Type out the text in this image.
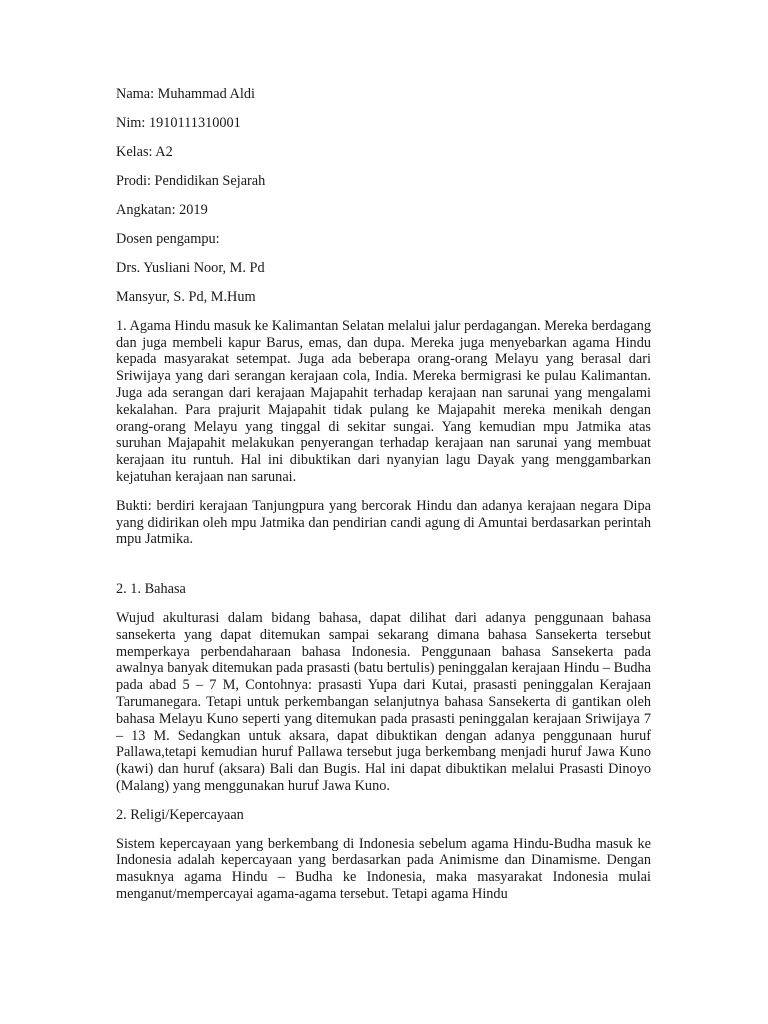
Nama: Muhammad Aldi

Nim: 1910111310001

Kelas: A2

Prodi: Pendidikan Sejarah

Angkatan: 2019

Dosen pengampu:

Drs. Yusliani Noor, M. Pd

Mansyur, S. Pd, M.Hum

1. Agama Hindu masuk ke Kalimantan Selatan melalui jalur perdagangan. Mereka berdagang dan juga membeli kapur Barus, emas, dan dupa. Mereka juga menyebarkan agama Hindu kepada masyarakat setempat. Juga ada beberapa orang-orang Melayu yang berasal dari Sriwijaya yang dari serangan kerajaan cola, India. Mereka bermigrasi ke pulau Kalimantan. Juga ada serangan dari kerajaan Majapahit terhadap kerajaan nan sarunai yang mengalami kekalahan. Para prajurit Majapahit tidak pulang ke Majapahit mereka menikah dengan orang-orang Melayu yang tinggal di sekitar sungai. Yang kemudian mpu Jatmika atas suruhan Majapahit melakukan penyerangan terhadap kerajaan nan sarunai yang membuat kerajaan itu runtuh. Hal ini dibuktikan dari nyanyian lagu Dayak yang menggambarkan kejatuhan kerajaan nan sarunai.

Bukti: berdiri kerajaan Tanjungpura yang bercorak Hindu dan adanya kerajaan negara Dipa yang didirikan oleh mpu Jatmika dan pendirian candi agung di Amuntai berdasarkan perintah mpu Jatmika.

2. 1. Bahasa

Wujud akulturasi dalam bidang bahasa, dapat dilihat dari adanya penggunaan bahasa sansekerta yang dapat ditemukan sampai sekarang dimana bahasa Sansekerta tersebut memperkaya perbendaharaan bahasa Indonesia. Penggunaan bahasa Sansekerta pada awalnya banyak ditemukan pada prasasti (batu bertulis) peninggalan kerajaan Hindu – Budha pada abad 5 – 7 M, Contohnya: prasasti Yupa dari Kutai, prasasti peninggalan Kerajaan Tarumanegara. Tetapi untuk perkembangan selanjutnya bahasa Sansekerta di gantikan oleh bahasa Melayu Kuno seperti yang ditemukan pada prasasti peninggalan kerajaan Sriwijaya 7 – 13 M. Sedangkan untuk aksara, dapat dibuktikan dengan adanya penggunaan huruf Pallawa,tetapi kemudian huruf Pallawa tersebut juga berkembang menjadi huruf Jawa Kuno (kawi) dan huruf (aksara) Bali dan Bugis. Hal ini dapat dibuktikan melalui Prasasti Dinoyo (Malang) yang menggunakan huruf Jawa Kuno.

2. Religi/Kepercayaan

Sistem kepercayaan yang berkembang di Indonesia sebelum agama Hindu-Budha masuk ke Indonesia adalah kepercayaan yang berdasarkan pada Animisme dan Dinamisme. Dengan masuknya agama Hindu – Budha ke Indonesia, maka masyarakat Indonesia mulai menganut/mempercayai agama-agama tersebut. Tetapi agama Hindu
